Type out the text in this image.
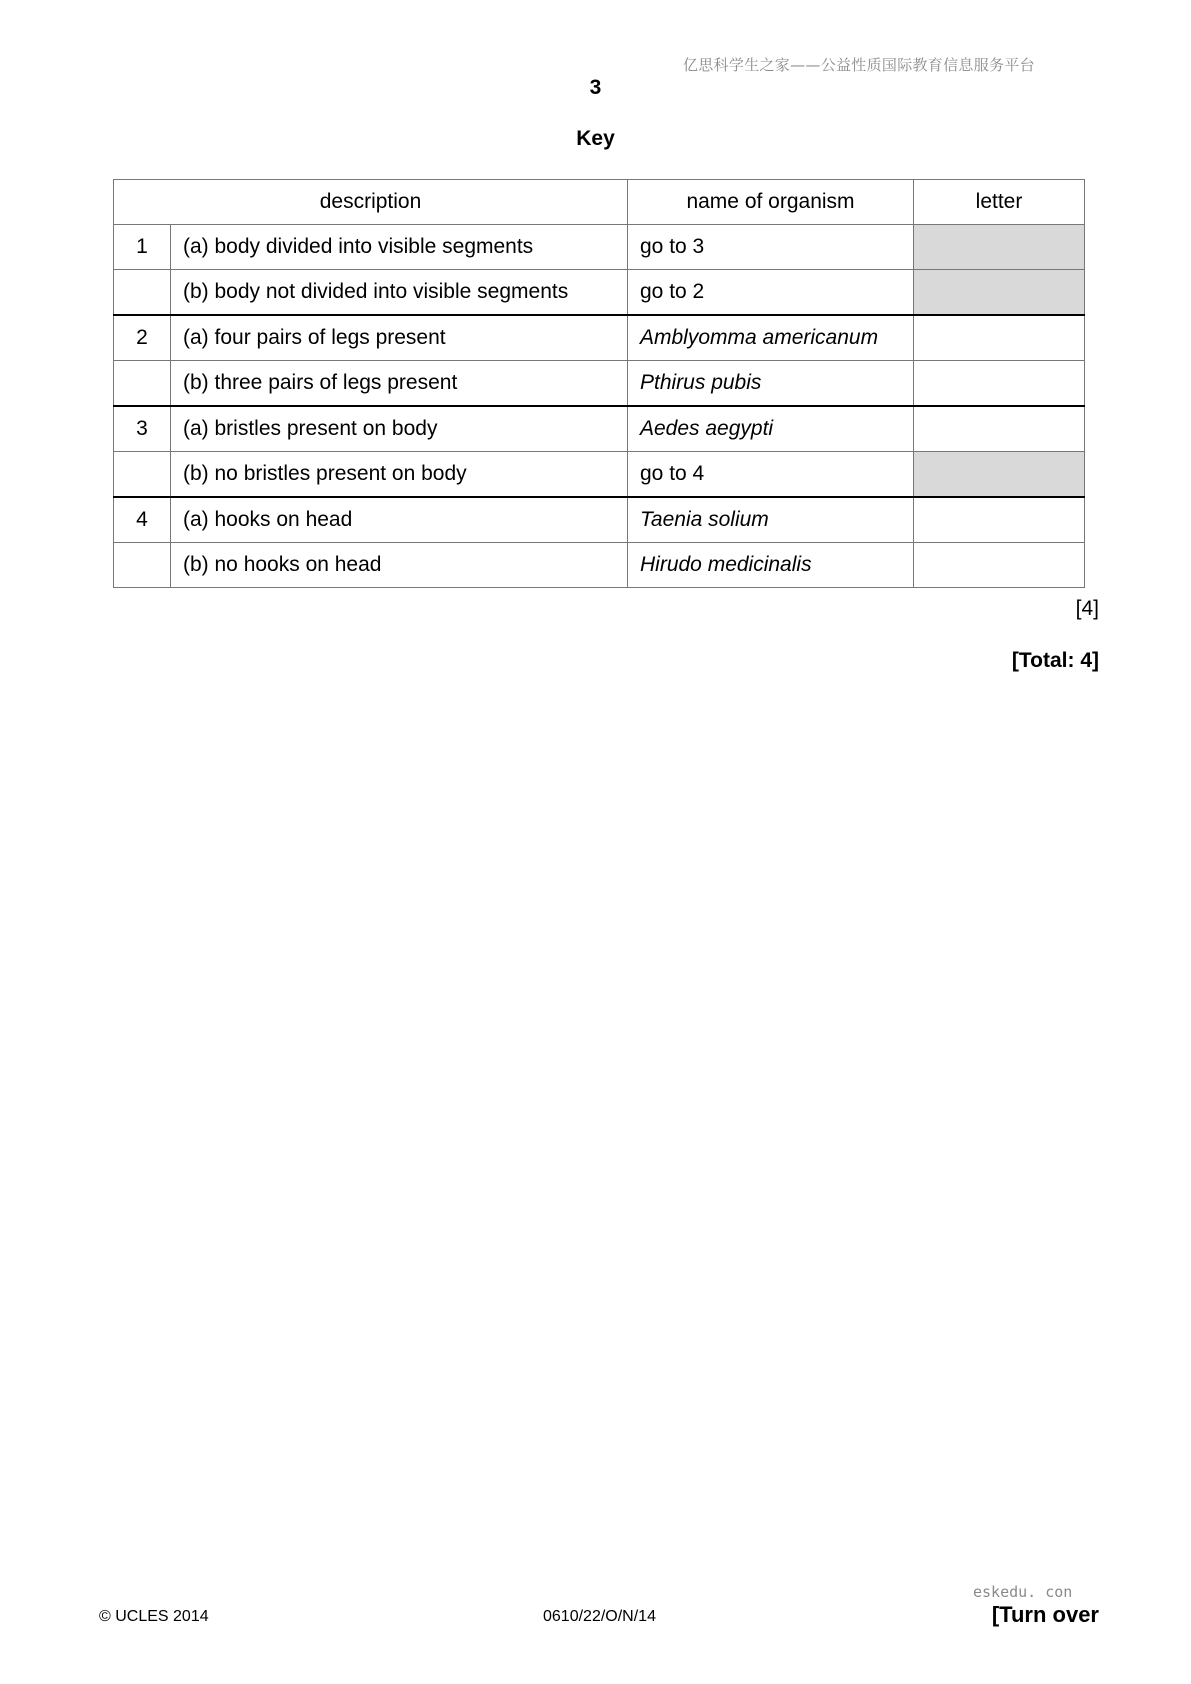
亿思科学生之家——公益性质国际教育信息服务平台
3
Key
description		name of organism	letter
1	(a) body divided into visible segments	go to 3	
	(b) body not divided into visible segments	go to 2	
2	(a) four pairs of legs present	Amblyomma americanum	
	(b) three pairs of legs present	Pthirus pubis	
3	(a) bristles present on body	Aedes aegypti	
	(b) no bristles present on body	go to 4	
4	(a) hooks on head	Taenia solium	
	(b) no hooks on head	Hirudo medicinalis	
[4]
[Total: 4]
eskedu. con
© UCLES 2014	0610/22/O/N/14	[Turn over
